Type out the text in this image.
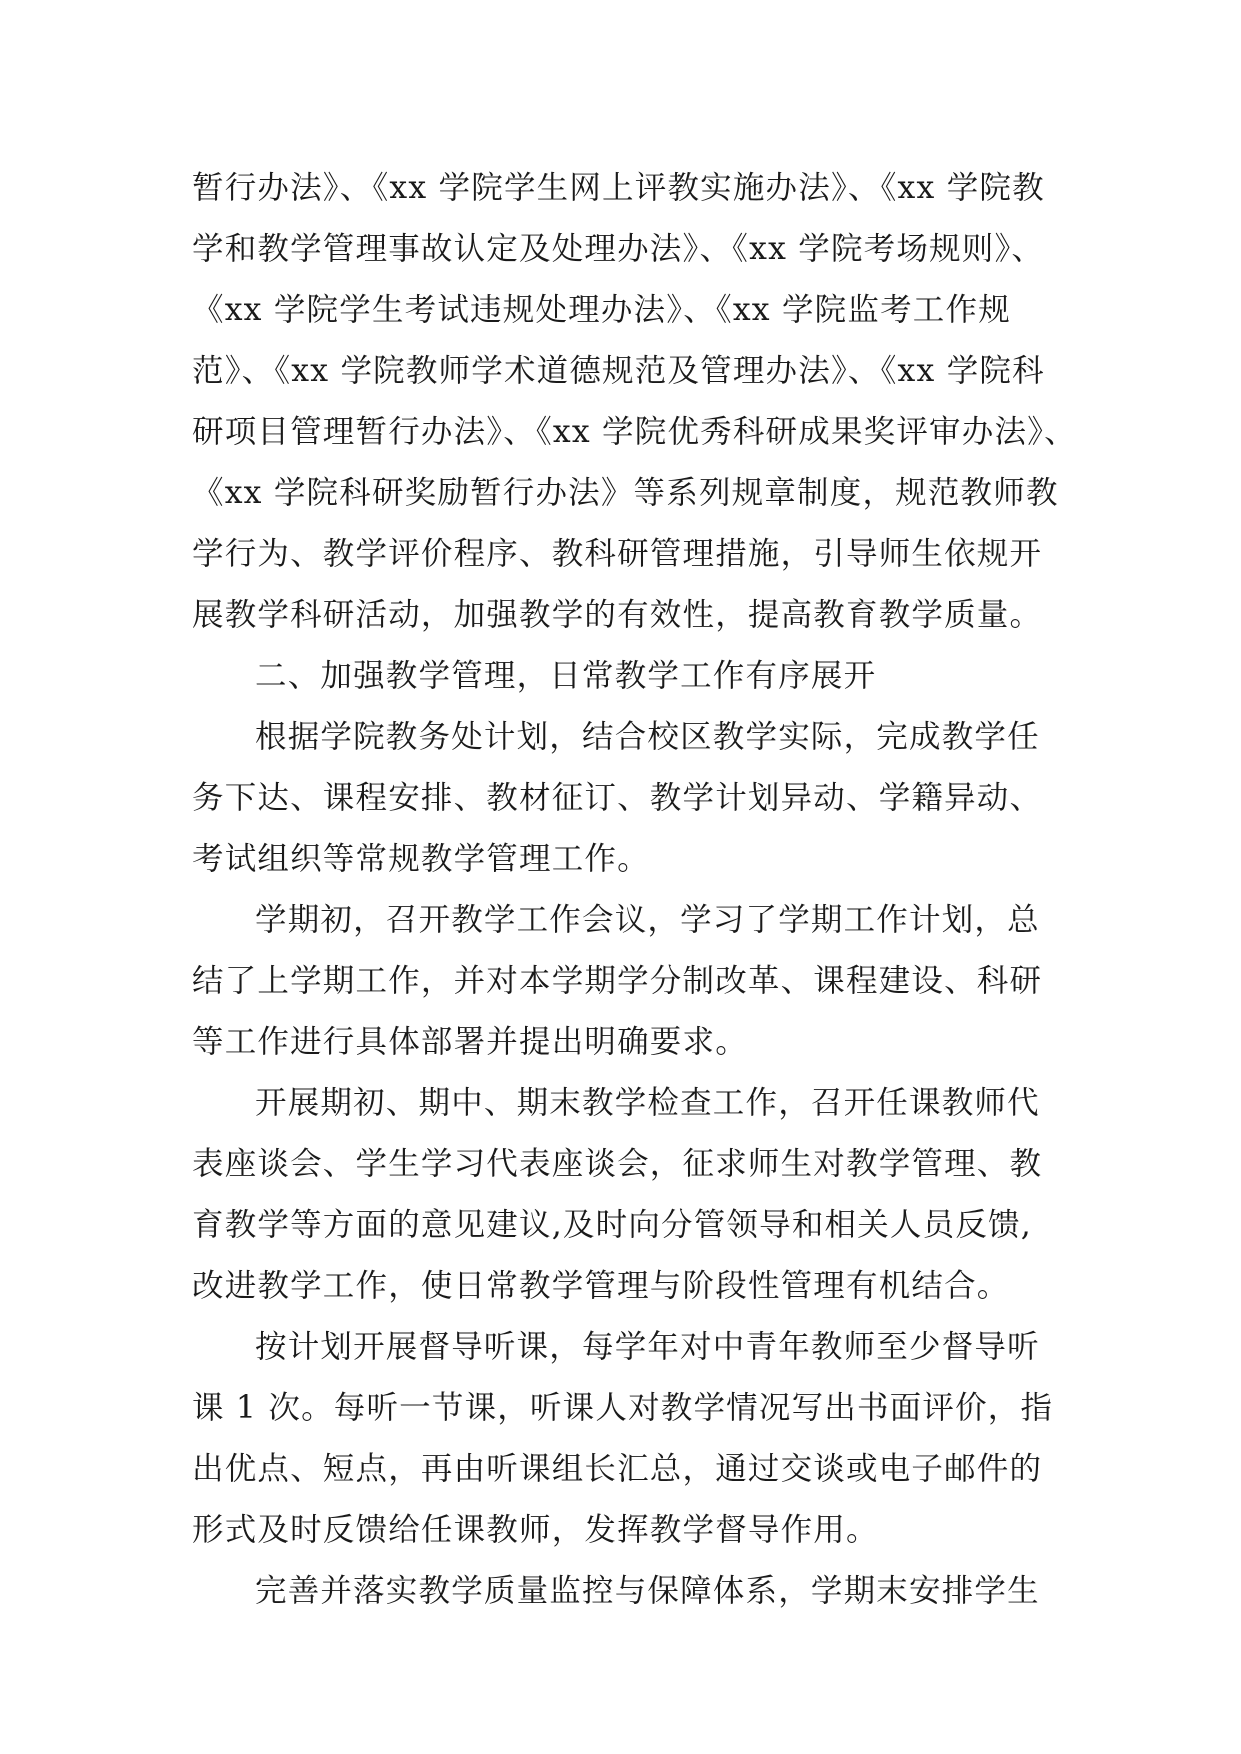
暂行办法》、《xx 学院学生网上评教实施办法》、《xx 学院教
学和教学管理事故认定及处理办法》、《xx 学院考场规则》、
《xx 学院学生考试违规处理办法》、《xx 学院监考工作规
范》、《xx 学院教师学术道德规范及管理办法》、《xx 学院科
研项目管理暂行办法》、《xx 学院优秀科研成果奖评审办法》、
《xx 学院科研奖励暂行办法》等系列规章制度，规范教师教
学行为、教学评价程序、教科研管理措施，引导师生依规开
展教学科研活动，加强教学的有效性，提高教育教学质量。
二、加强教学管理，日常教学工作有序展开
根据学院教务处计划，结合校区教学实际，完成教学任
务下达、课程安排、教材征订、教学计划异动、学籍异动、
考试组织等常规教学管理工作。
学期初，召开教学工作会议，学习了学期工作计划，总
结了上学期工作，并对本学期学分制改革、课程建设、科研
等工作进行具体部署并提出明确要求。
开展期初、期中、期末教学检查工作，召开任课教师代
表座谈会、学生学习代表座谈会，征求师生对教学管理、教
育教学等方面的意见建议,及时向分管领导和相关人员反馈,
改进教学工作，使日常教学管理与阶段性管理有机结合。
按计划开展督导听课，每学年对中青年教师至少督导听
课 1 次。每听一节课，听课人对教学情况写出书面评价，指
出优点、短点，再由听课组长汇总，通过交谈或电子邮件的
形式及时反馈给任课教师，发挥教学督导作用。
完善并落实教学质量监控与保障体系，学期末安排学生
